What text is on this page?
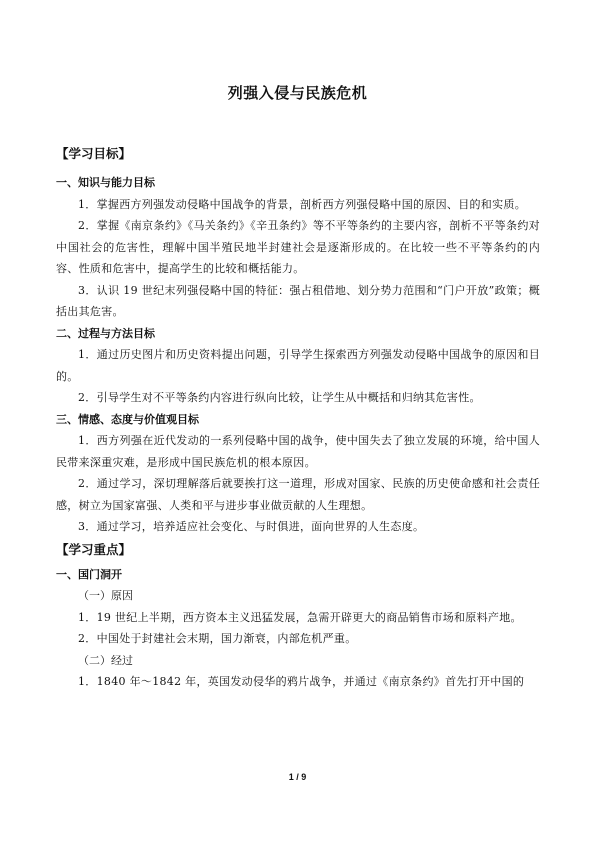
列强入侵与民族危机
【学习目标】
一、知识与能力目标

1．掌握西方列强发动侵略中国战争的背景，剖析西方列强侵略中国的原因、目的和实质。

2．掌握《南京条约》《马关条约》《辛丑条约》等不平等条约的主要内容，剖析不平等条约对中国社会的危害性，理解中国半殖民地半封建社会是逐渐形成的。在比较一些不平等条约的内容、性质和危害中，提高学生的比较和概括能力。

3．认识 19 世纪末列强侵略中国的特征：强占租借地、划分势力范围和“门户开放”政策；概括出其危害。

二、过程与方法目标

1．通过历史图片和历史资料提出问题，引导学生探索西方列强发动侵略中国战争的原因和目的。

2．引导学生对不平等条约内容进行纵向比较，让学生从中概括和归纳其危害性。

三、情感、态度与价值观目标

1．西方列强在近代发动的一系列侵略中国的战争，使中国失去了独立发展的环境，给中国人民带来深重灾难，是形成中国民族危机的根本原因。

2．通过学习，深切理解落后就要挨打这一道理，形成对国家、民族的历史使命感和社会责任感，树立为国家富强、人类和平与进步事业做贡献的人生理想。

3．通过学习，培养适应社会变化、与时俱进，面向世界的人生态度。

【学习重点】
一、国门洞开

（一）原因

1．19 世纪上半期，西方资本主义迅猛发展，急需开辟更大的商品销售市场和原料产地。

2．中国处于封建社会末期，国力渐衰，内部危机严重。

（二）经过

1．1840 年～1842 年，英国发动侵华的鸦片战争，并通过《南京条约》首先打开中国的

1 / 9
